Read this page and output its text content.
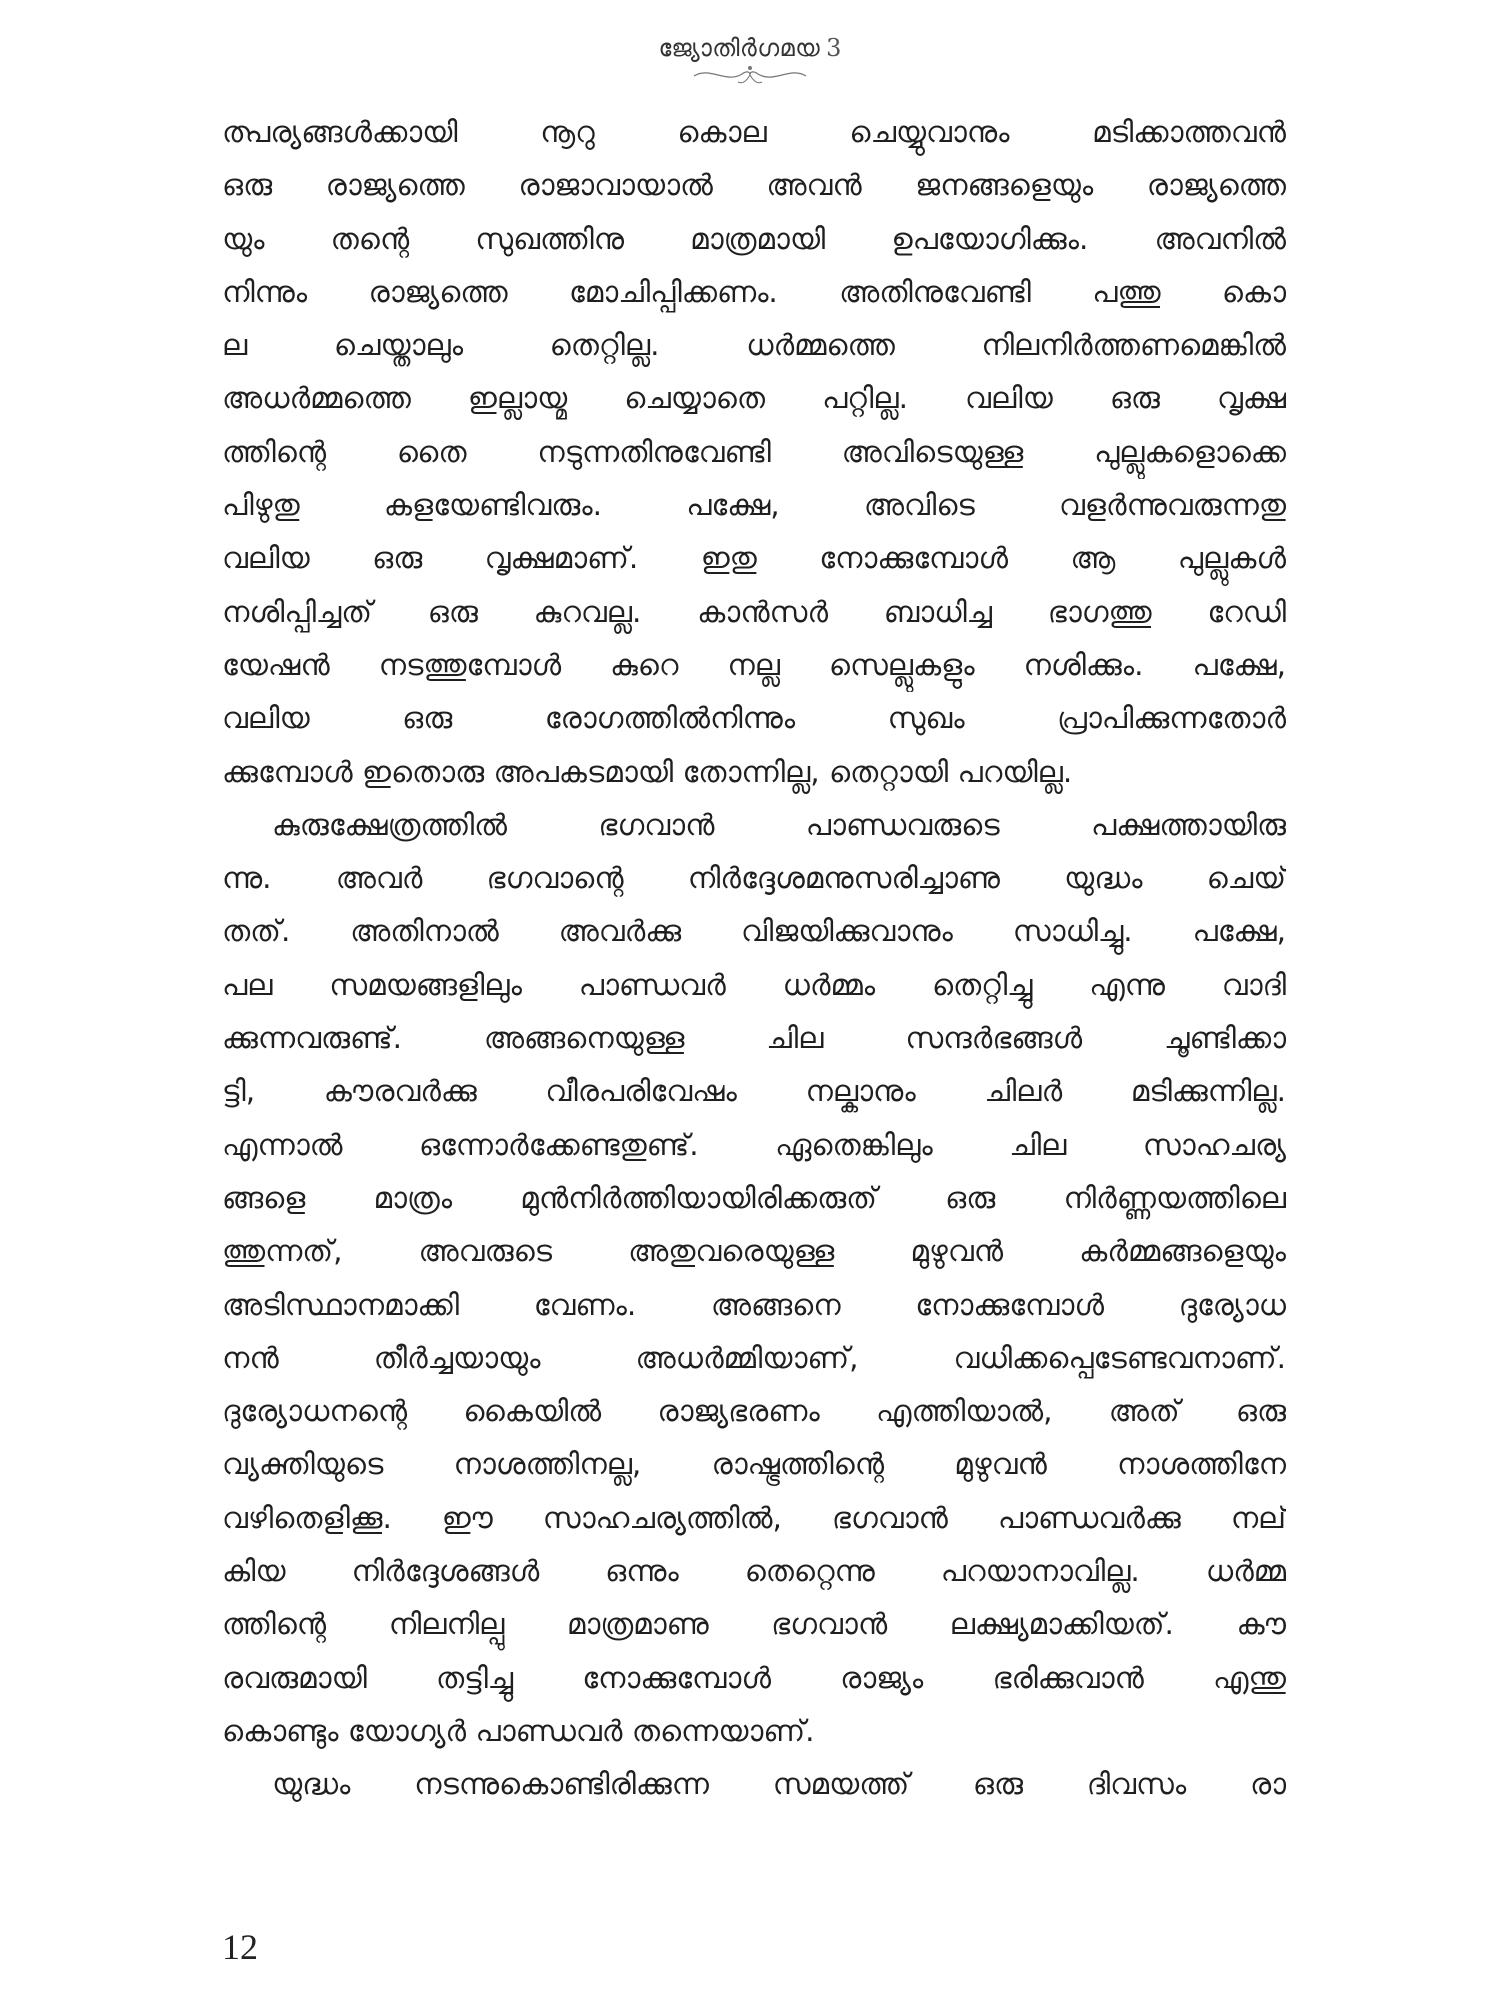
ജ്യോതിർഗമയ 3
ത്പര്യങ്ങൾക്കായി നൂറു കൊല ചെയ്യുവാനും മടിക്കാത്തവൻ
ഒരു രാജ്യത്തെ രാജാവായാൽ അവൻ ജനങ്ങളെയും രാജ്യത്തെ
യും തന്റെ സുഖത്തിനു മാത്രമായി ഉപയോഗിക്കും. അവനിൽ
നിന്നും രാജ്യത്തെ മോചിപ്പിക്കണം. അതിനുവേണ്ടി പത്തു കൊ
ല ചെയ്താലും തെറ്റില്ല. ധർമ്മത്തെ നിലനിർത്തണമെങ്കിൽ
അധർമ്മത്തെ ഇല്ലായ്മ ചെയ്യാതെ പറ്റില്ല. വലിയ ഒരു വൃക്ഷ
ത്തിന്റെ തൈ നടുന്നതിനുവേണ്ടി അവിടെയുള്ള പുല്ലുകളൊക്കെ
പിഴുതു കളയേണ്ടിവരും. പക്ഷേ, അവിടെ വളർന്നുവരുന്നതു
വലിയ ഒരു വൃക്ഷമാണ്. ഇതു നോക്കുമ്പോൾ ആ പുല്ലുകൾ
നശിപ്പിച്ചത് ഒരു കുറവല്ല. കാൻസർ ബാധിച്ച ഭാഗത്തു റേഡി
യേഷൻ നടത്തുമ്പോൾ കുറെ നല്ല സെല്ലുകളും നശിക്കും. പക്ഷേ,
വലിയ ഒരു രോഗത്തിൽനിന്നും സുഖം പ്രാപിക്കുന്നതോർ
ക്കുമ്പോൾ ഇതൊരു അപകടമായി തോന്നില്ല, തെറ്റായി പറയില്ല.
കുരുക്ഷേത്രത്തിൽ ഭഗവാൻ പാണ്ഡവരുടെ പക്ഷത്തായിരു
ന്നു. അവർ ഭഗവാന്റെ നിർദ്ദേശമനുസരിച്ചാണു യുദ്ധം ചെയ്
തത്. അതിനാൽ അവർക്കു വിജയിക്കുവാനും സാധിച്ചു. പക്ഷേ,
പല സമയങ്ങളിലും പാണ്ഡവർ ധർമ്മം തെറ്റിച്ചു എന്നു വാദി
ക്കുന്നവരുണ്ട്. അങ്ങനെയുള്ള ചില സന്ദർഭങ്ങൾ ചൂണ്ടിക്കാ
ട്ടി, കൗരവർക്കു വീരപരിവേഷം നല്കാനും ചിലർ മടിക്കുന്നില്ല.
എന്നാൽ ഒന്നോർക്കേണ്ടതുണ്ട്. ഏതെങ്കിലും ചില സാഹചര്യ
ങ്ങളെ മാത്രം മുൻനിർത്തിയായിരിക്കരുത് ഒരു നിർണ്ണയത്തിലെ
ത്തുന്നത്, അവരുടെ അതുവരെയുള്ള മുഴുവൻ കർമ്മങ്ങളെയും
അടിസ്ഥാനമാക്കി വേണം. അങ്ങനെ നോക്കുമ്പോൾ ദുര്യോധ
നൻ തീർച്ചയായും അധർമ്മിയാണ്, വധിക്കപ്പെടേണ്ടവനാണ്.
ദുര്യോധനന്റെ കൈയിൽ രാജ്യഭരണം എത്തിയാൽ, അത് ഒരു
വ്യക്തിയുടെ നാശത്തിനല്ല, രാഷ്ട്രത്തിന്റെ മുഴുവൻ നാശത്തിനേ
വഴിതെളിക്കൂ. ഈ സാഹചര്യത്തിൽ, ഭഗവാൻ പാണ്ഡവർക്കു നല്
കിയ നിർദ്ദേശങ്ങൾ ഒന്നും തെറ്റെന്നു പറയാനാവില്ല. ധർമ്മ
ത്തിന്റെ നിലനില്പു മാത്രമാണു ഭഗവാൻ ലക്ഷ്യമാക്കിയത്. കൗ
രവരുമായി തട്ടിച്ചു നോക്കുമ്പോൾ രാജ്യം ഭരിക്കുവാൻ എന്തു
കൊണ്ടും യോഗ്യർ പാണ്ഡവർ തന്നെയാണ്.
യുദ്ധം നടന്നുകൊണ്ടിരിക്കുന്ന സമയത്ത് ഒരു ദിവസം രാ
12
